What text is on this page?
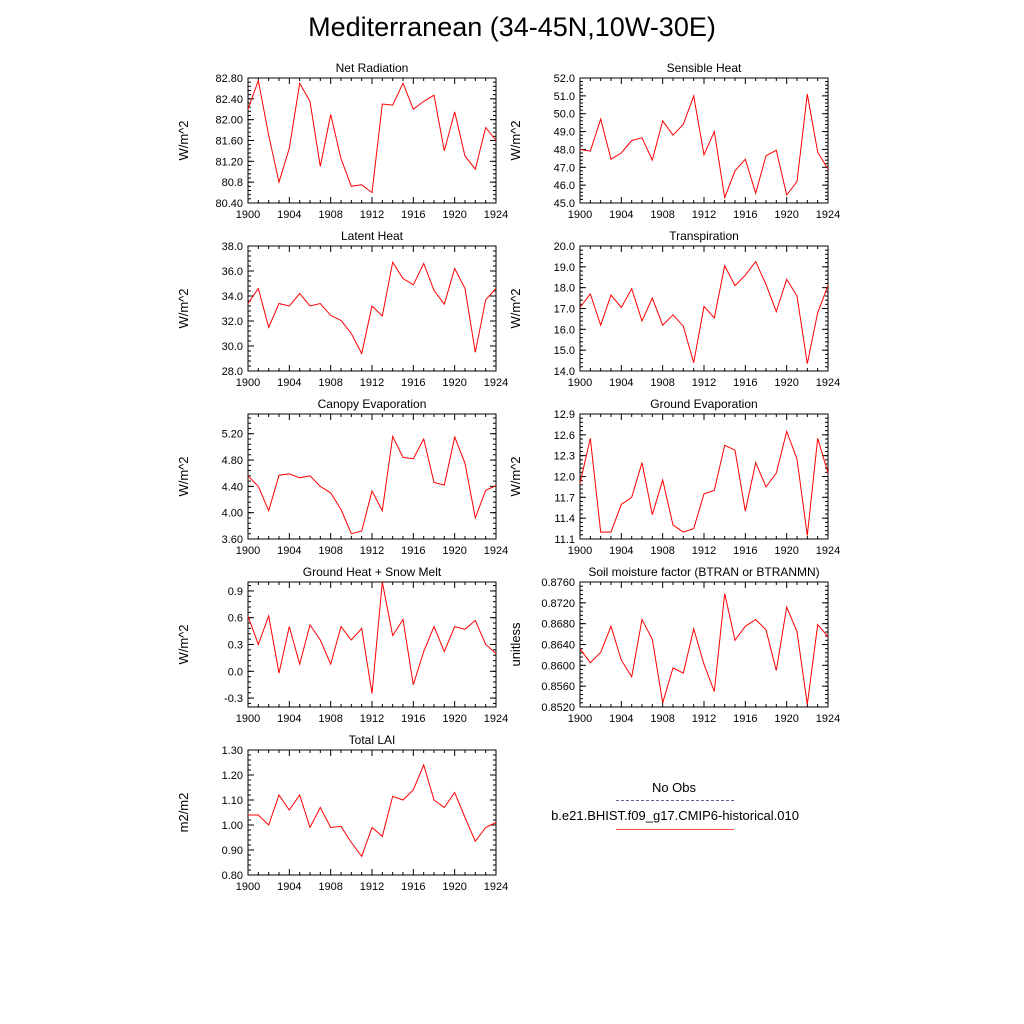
Mediterranean (34-45N,10W-30E)
Net Radiation
W/m^2
1900 1904 1908 1912 1916 1920 1924
80.40
80.8
81.20
81.60
82.00
82.40
82.80
Sensible Heat
W/m^2
1900 1904 1908 1912 1916 1920 1924
45.0
46.0
47.0
48.0
49.0
50.0
51.0
52.0
Latent Heat
W/m^2
1900 1904 1908 1912 1916 1920 1924
28.0
30.0
32.0
34.0
36.0
38.0
Transpiration
W/m^2
1900 1904 1908 1912 1916 1920 1924
14.0
15.0
16.0
17.0
18.0
19.0
20.0
Canopy Evaporation
W/m^2
1900 1904 1908 1912 1916 1920 1924
3.60
4.00
4.40
4.80
5.20
Ground Evaporation
W/m^2
1900 1904 1908 1912 1916 1920 1924
11.1
11.4
11.7
12.0
12.3
12.6
12.9
Ground Heat + Snow Melt
W/m^2
1900 1904 1908 1912 1916 1920 1924
-0.3
0.0
0.3
0.6
0.9
Soil moisture factor (BTRAN or BTRANMN)
unitless
1900 1904 1908 1912 1916 1920 1924
0.8520
0.8560
0.8600
0.8640
0.8680
0.8720
0.8760
Total LAI
m2/m2
1900 1904 1908 1912 1916 1920 1924
0.80
0.90
1.00
1.10
1.20
1.30
No Obs
b.e21.BHIST.f09_g17.CMIP6-historical.010
